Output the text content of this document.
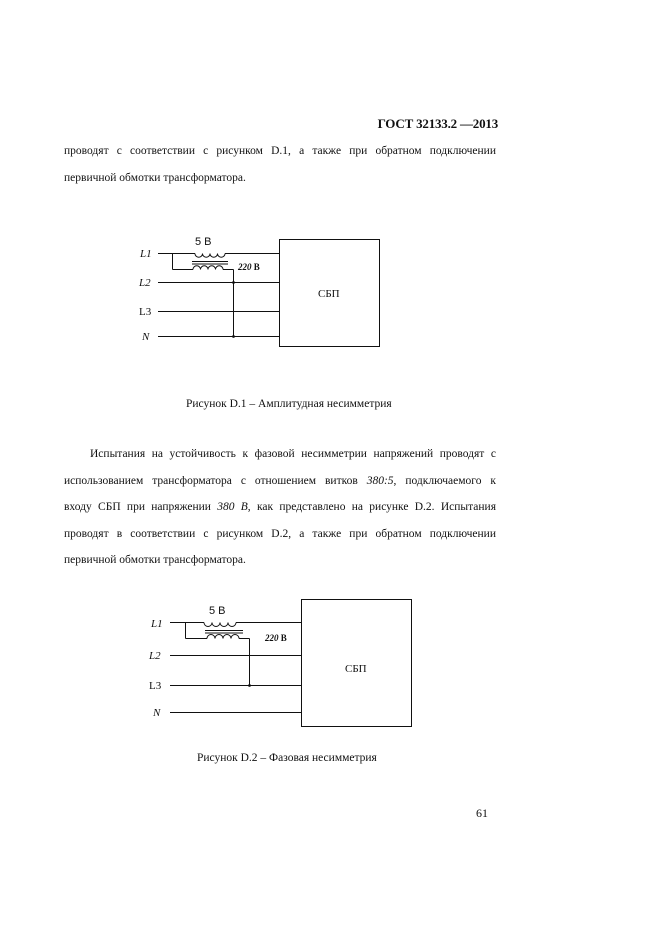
ГОСТ 32133.2 —2013
проводят с соответствии с рисунком D.1, а также при обратном подключении
первичной обмотки трансформатора.
L1
L2
L3
N
5 В
220 В
СБП
Рисунок D.1 – Амплитудная несимметрия
Испытания на устойчивость к фазовой несимметрии напряжений проводят с
использованием трансформатора с отношением витков 380:5, подключаемого к
входу СБП при напряжении 380 В, как представлено на рисунке D.2. Испытания
проводят в соответствии с рисунком D.2, а также при обратном подключении
первичной обмотки трансформатора.
L1
L2
L3
N
5 В
220 В
СБП
Рисунок D.2 – Фазовая несимметрия
61
